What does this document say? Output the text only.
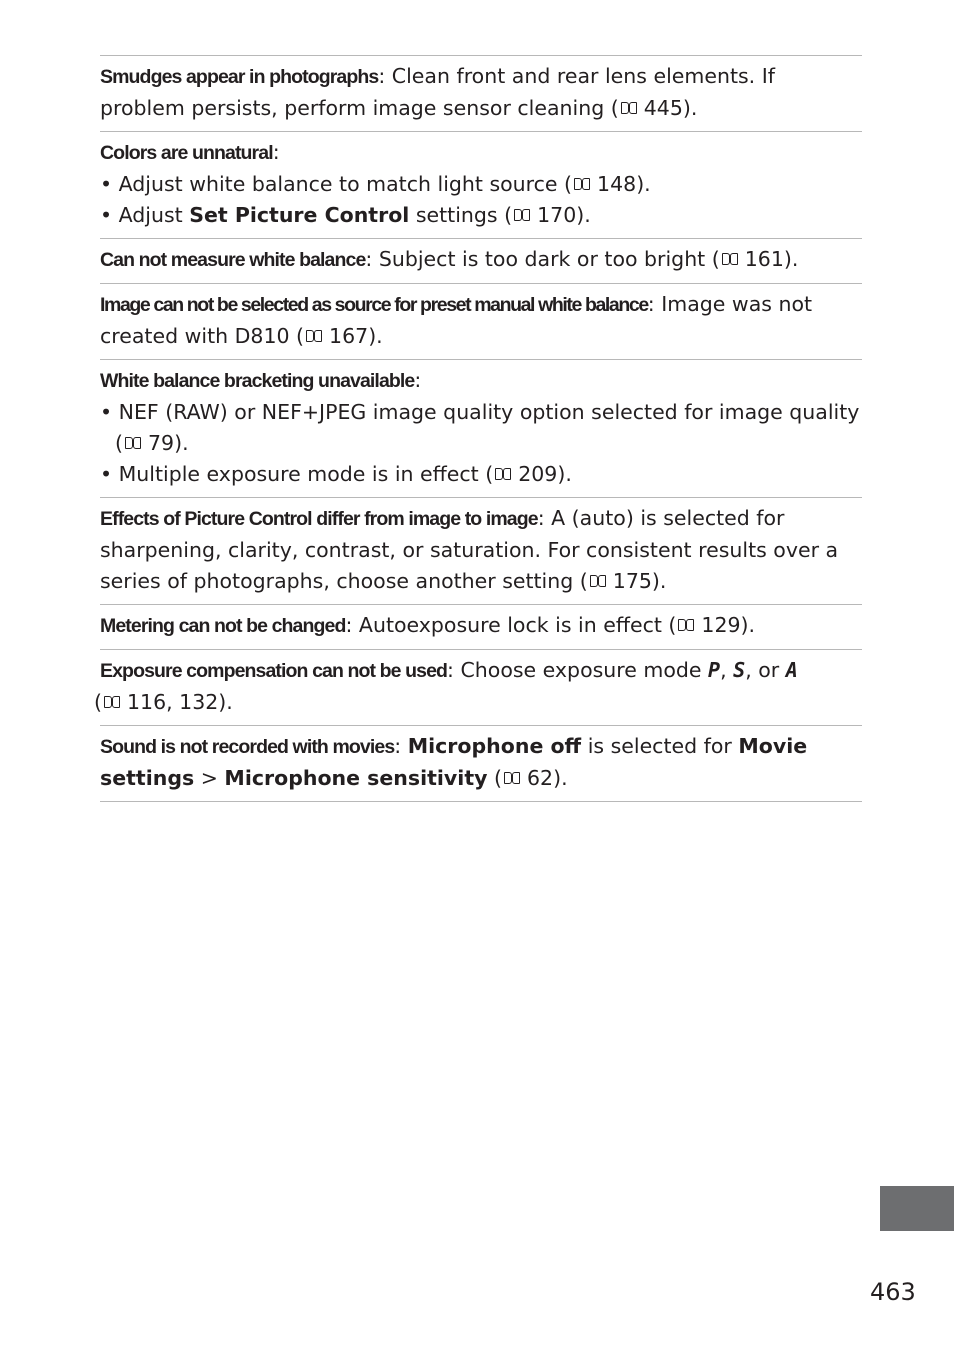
Smudges appear in photographs: Clean front and rear lens elements. If problem persists, perform image sensor cleaning ( 445).
Colors are unnatural:
• Adjust white balance to match light source ( 148).
• Adjust Set Picture Control settings ( 170).
Can not measure white balance: Subject is too dark or too bright ( 161).
Image can not be selected as source for preset manual white balance: Image was not created with D810 ( 167).
White balance bracketing unavailable:
• NEF (RAW) or NEF+JPEG image quality option selected for image quality ( 79).
• Multiple exposure mode is in effect ( 209).
Effects of Picture Control differ from image to image: A (auto) is selected for sharpening, clarity, contrast, or saturation. For consistent results over a series of photographs, choose another setting ( 175).
Metering can not be changed: Autoexposure lock is in effect ( 129).
Exposure compensation can not be used: Choose exposure mode P, S, or A
( 116, 132).
Sound is not recorded with movies: Microphone off is selected for Movie settings > Microphone sensitivity ( 62).
463
